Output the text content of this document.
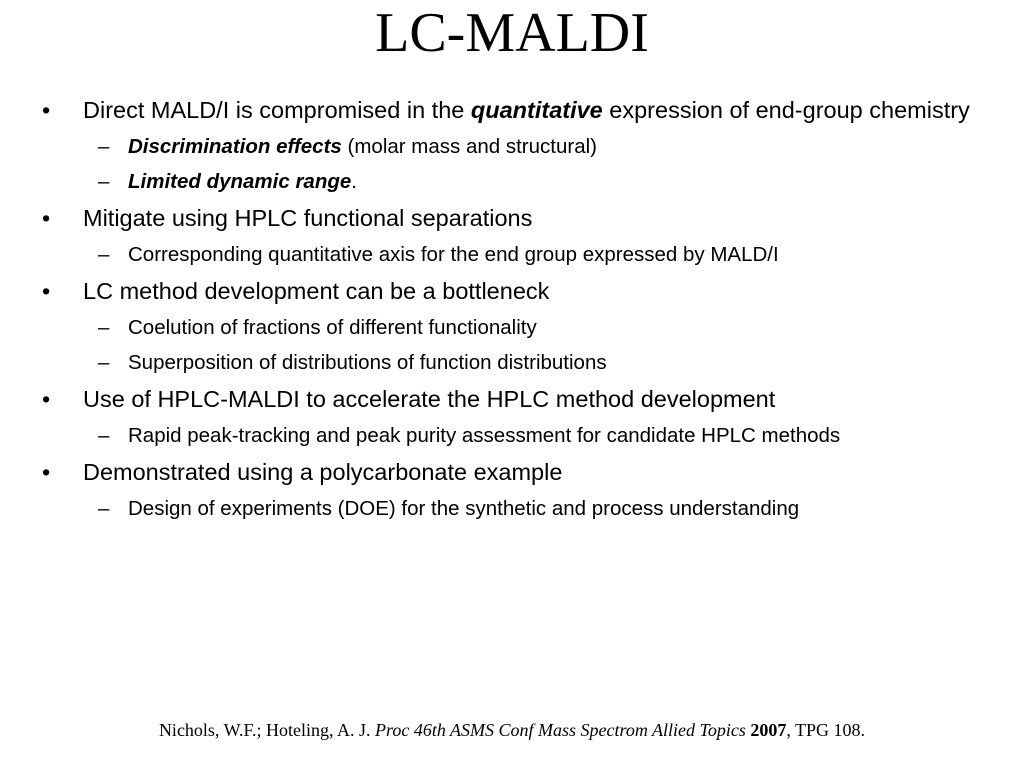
LC-MALDI
• Direct MALD/I is compromised in the quantitative expression of end-group chemistry
– Discrimination effects (molar mass and structural)
– Limited dynamic range.
• Mitigate using HPLC functional separations
– Corresponding quantitative axis for the end group expressed by MALD/I
• LC method development can be a bottleneck
– Coelution of fractions of different functionality
– Superposition of distributions of function distributions
• Use of HPLC-MALDI to accelerate the HPLC method development
– Rapid peak-tracking and peak purity assessment for candidate HPLC methods
• Demonstrated using a polycarbonate example
– Design of experiments (DOE) for the synthetic and process understanding
Nichols, W.F.; Hoteling, A. J. Proc 46th ASMS Conf Mass Spectrom Allied Topics 2007, TPG 108.
